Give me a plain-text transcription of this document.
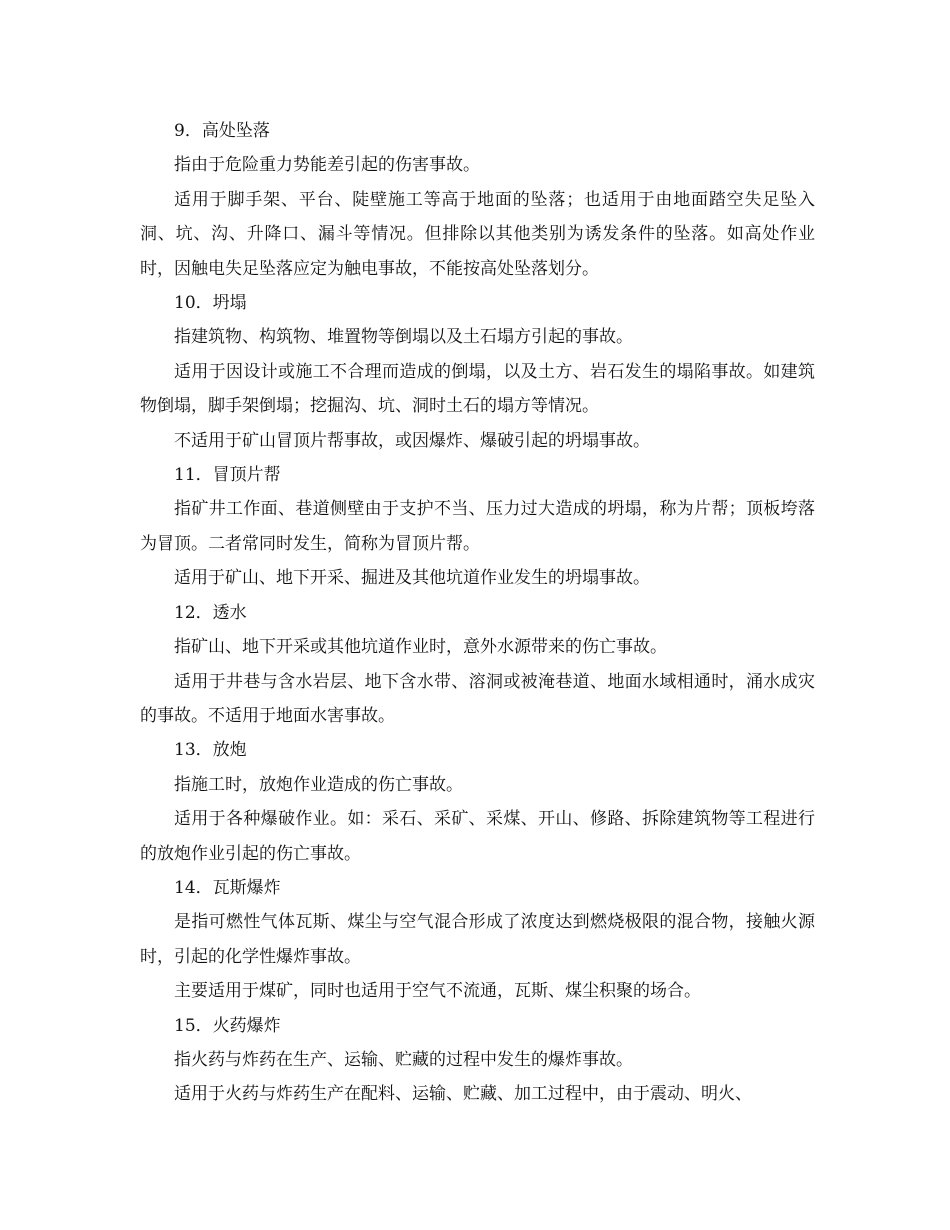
9．高处坠落

指由于危险重力势能差引起的伤害事故。

适用于脚手架、平台、陡壁施工等高于地面的坠落；也适用于由地面踏空失足坠入洞、坑、沟、升降口、漏斗等情况。但排除以其他类别为诱发条件的坠落。如高处作业时，因触电失足坠落应定为触电事故，不能按高处坠落划分。

10．坍塌

指建筑物、构筑物、堆置物等倒塌以及土石塌方引起的事故。

适用于因设计或施工不合理而造成的倒塌，以及土方、岩石发生的塌陷事故。如建筑物倒塌，脚手架倒塌；挖掘沟、坑、洞时土石的塌方等情况。

不适用于矿山冒顶片帮事故，或因爆炸、爆破引起的坍塌事故。

11．冒顶片帮

指矿井工作面、巷道侧壁由于支护不当、压力过大造成的坍塌，称为片帮；顶板垮落为冒顶。二者常同时发生，简称为冒顶片帮。

适用于矿山、地下开采、掘进及其他坑道作业发生的坍塌事故。

12．透水

指矿山、地下开采或其他坑道作业时，意外水源带来的伤亡事故。

适用于井巷与含水岩层、地下含水带、溶洞或被淹巷道、地面水域相通时，涌水成灾的事故。不适用于地面水害事故。

13．放炮

指施工时，放炮作业造成的伤亡事故。

适用于各种爆破作业。如：采石、采矿、采煤、开山、修路、拆除建筑物等工程进行的放炮作业引起的伤亡事故。

14．瓦斯爆炸

是指可燃性气体瓦斯、煤尘与空气混合形成了浓度达到燃烧极限的混合物，接触火源时，引起的化学性爆炸事故。

主要适用于煤矿，同时也适用于空气不流通，瓦斯、煤尘积聚的场合。

15．火药爆炸

指火药与炸药在生产、运输、贮藏的过程中发生的爆炸事故。

适用于火药与炸药生产在配料、运输、贮藏、加工过程中，由于震动、明火、
